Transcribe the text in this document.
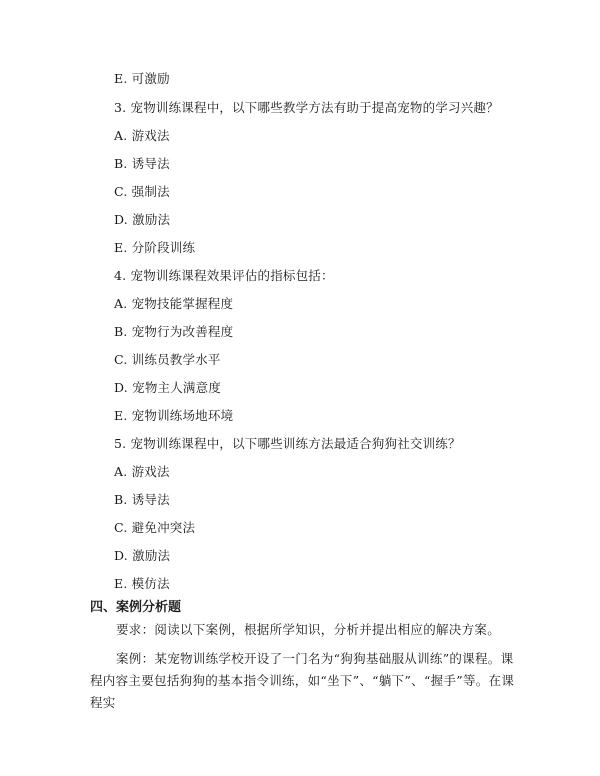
E. 可激励
3. 宠物训练课程中，以下哪些教学方法有助于提高宠物的学习兴趣？
A. 游戏法
B. 诱导法
C. 强制法
D. 激励法
E. 分阶段训练
4. 宠物训练课程效果评估的指标包括：
A. 宠物技能掌握程度
B. 宠物行为改善程度
C. 训练员教学水平
D. 宠物主人满意度
E. 宠物训练场地环境
5. 宠物训练课程中，以下哪些训练方法最适合狗狗社交训练？
A. 游戏法
B. 诱导法
C. 避免冲突法
D. 激励法
E. 模仿法
四、案例分析题
要求：阅读以下案例，根据所学知识，分析并提出相应的解决方案。
案例：某宠物训练学校开设了一门名为“狗狗基础服从训练”的课程。课程内容主要包括狗狗的基本指令训练，如“坐下”、“躺下”、“握手”等。在课程实
